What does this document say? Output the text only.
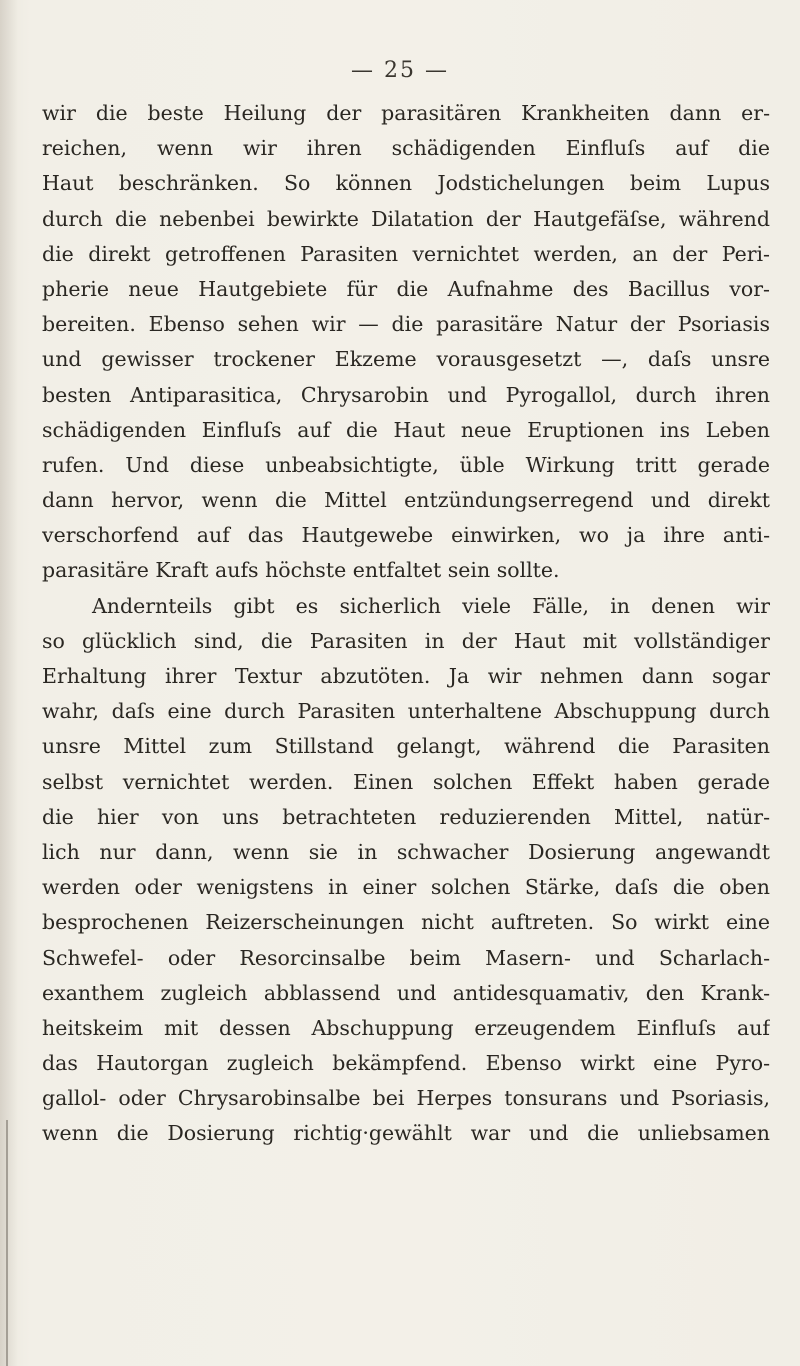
— 25 —
wir die beste Heilung der parasitären Krankheiten dann er-
reichen, wenn wir ihren schädigenden Einfluſs auf die
Haut beschränken. So können Jodstichelungen beim Lupus
durch die nebenbei bewirkte Dilatation der Hautgefäſse, während
die direkt getroffenen Parasiten vernichtet werden, an der Peri-
pherie neue Hautgebiete für die Aufnahme des Bacillus vor-
bereiten. Ebenso sehen wir — die parasitäre Natur der Psoriasis
und gewisser trockener Ekzeme vorausgesetzt —, daſs unsre
besten Antiparasitica, Chrysarobin und Pyrogallol, durch ihren
schädigenden Einfluſs auf die Haut neue Eruptionen ins Leben
rufen. Und diese unbeabsichtigte, üble Wirkung tritt gerade
dann hervor, wenn die Mittel entzündungserregend und direkt
verschorfend auf das Hautgewebe einwirken, wo ja ihre anti-
parasitäre Kraft aufs höchste entfaltet sein sollte.
Andernteils gibt es sicherlich viele Fälle, in denen wir
so glücklich sind, die Parasiten in der Haut mit vollständiger
Erhaltung ihrer Textur abzutöten. Ja wir nehmen dann sogar
wahr, daſs eine durch Parasiten unterhaltene Abschuppung durch
unsre Mittel zum Stillstand gelangt, während die Parasiten
selbst vernichtet werden. Einen solchen Effekt haben gerade
die hier von uns betrachteten reduzierenden Mittel, natür-
lich nur dann, wenn sie in schwacher Dosierung angewandt
werden oder wenigstens in einer solchen Stärke, daſs die oben
besprochenen Reizerscheinungen nicht auftreten. So wirkt eine
Schwefel- oder Resorcinsalbe beim Masern- und Scharlach-
exanthem zugleich abblassend und antidesquamativ, den Krank-
heitskeim mit dessen Abschuppung erzeugendem Einfluſs auf
das Hautorgan zugleich bekämpfend. Ebenso wirkt eine Pyro-
gallol- oder Chrysarobinsalbe bei Herpes tonsurans und Psoriasis,
wenn die Dosierung richtig·gewählt war und die unliebsamen
